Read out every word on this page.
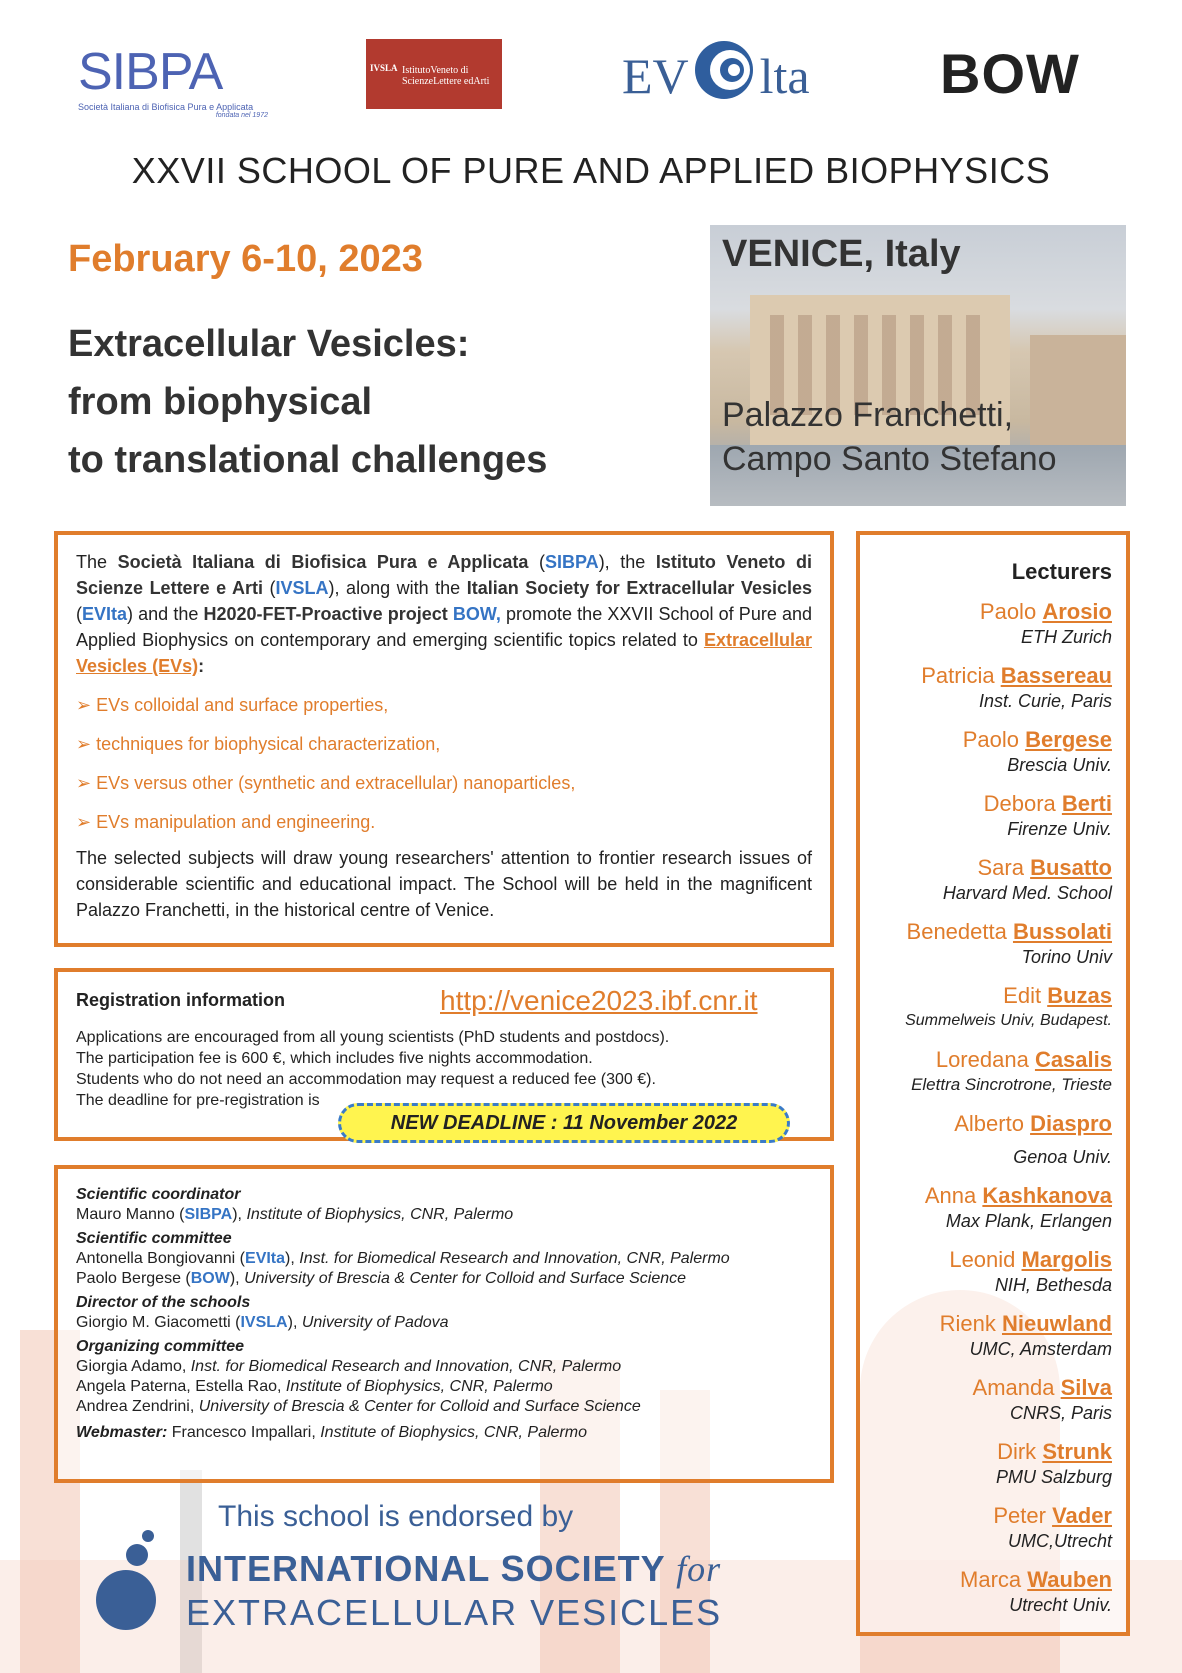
SIBPA
Società Italiana di Biofisica Pura e Applicata
fondata nel 1972
IVSLA IstitutoVeneto di ScienzeLettere edArti	EV lta	BOW
XXVII SCHOOL OF PURE AND APPLIED BIOPHYSICS
February 6-10, 2023
Extracellular Vesicles:
from biophysical
to translational challenges
VENICE, Italy
Palazzo Franchetti,
Campo Santo Stefano
The Società Italiana di Biofisica Pura e Applicata (SIBPA), the Istituto Veneto di Scienze Lettere e Arti (IVSLA), along with the Italian Society for Extracellular Vesicles (EVIta) and the H2020-FET-Proactive project BOW, promote the XXVII School of Pure and Applied Biophysics on contemporary and emerging scientific topics related to Extracellular Vesicles (EVs):
➢ EVs colloidal and surface properties,
➢ techniques for biophysical characterization,
➢ EVs versus other (synthetic and extracellular) nanoparticles,
➢ EVs manipulation and engineering.
The selected subjects will draw young researchers' attention to frontier research issues of considerable scientific and educational impact. The School will be held in the magnificent Palazzo Franchetti, in the historical centre of Venice.
Registration information	http://venice2023.ibf.cnr.it
Applications are encouraged from all young scientists (PhD students and postdocs).
The participation fee is 600 €, which includes five nights accommodation.
Students who do not need an accommodation may request a reduced fee (300 €).
The deadline for pre-registration is
NEW DEADLINE : 11 November 2022
Scientific coordinator
Mauro Manno (SIBPA), Institute of Biophysics, CNR, Palermo
Scientific committee
Antonella Bongiovanni (EVIta), Inst. for Biomedical Research and Innovation, CNR, Palermo
Paolo Bergese (BOW), University of Brescia & Center for Colloid and Surface Science
Director of the schools
Giorgio M. Giacometti (IVSLA), University of Padova
Organizing committee
Giorgia Adamo, Inst. for Biomedical Research and Innovation, CNR, Palermo
Angela Paterna, Estella Rao, Institute of Biophysics, CNR, Palermo
Andrea Zendrini, University of Brescia & Center for Colloid and Surface Science
Webmaster: Francesco Impallari, Institute of Biophysics, CNR, Palermo
Lecturers
Paolo Arosio
ETH Zurich
Patricia Bassereau
Inst. Curie, Paris
Paolo Bergese
Brescia Univ.
Debora Berti
Firenze Univ.
Sara Busatto
Harvard Med. School
Benedetta Bussolati
Torino Univ
Edit Buzas
Summelweis Univ, Budapest.
Loredana Casalis
Elettra Sincrotrone, Trieste
Alberto Diaspro
Genoa Univ.
Anna Kashkanova
Max Plank, Erlangen
Leonid Margolis
NIH, Bethesda
Rienk Nieuwland
UMC, Amsterdam
Amanda Silva
CNRS, Paris
Dirk Strunk
PMU Salzburg
Peter Vader
UMC,Utrecht
Marca Wauben
Utrecht Univ.
This school is endorsed by
INTERNATIONAL SOCIETY for
EXTRACELLULAR VESICLES
